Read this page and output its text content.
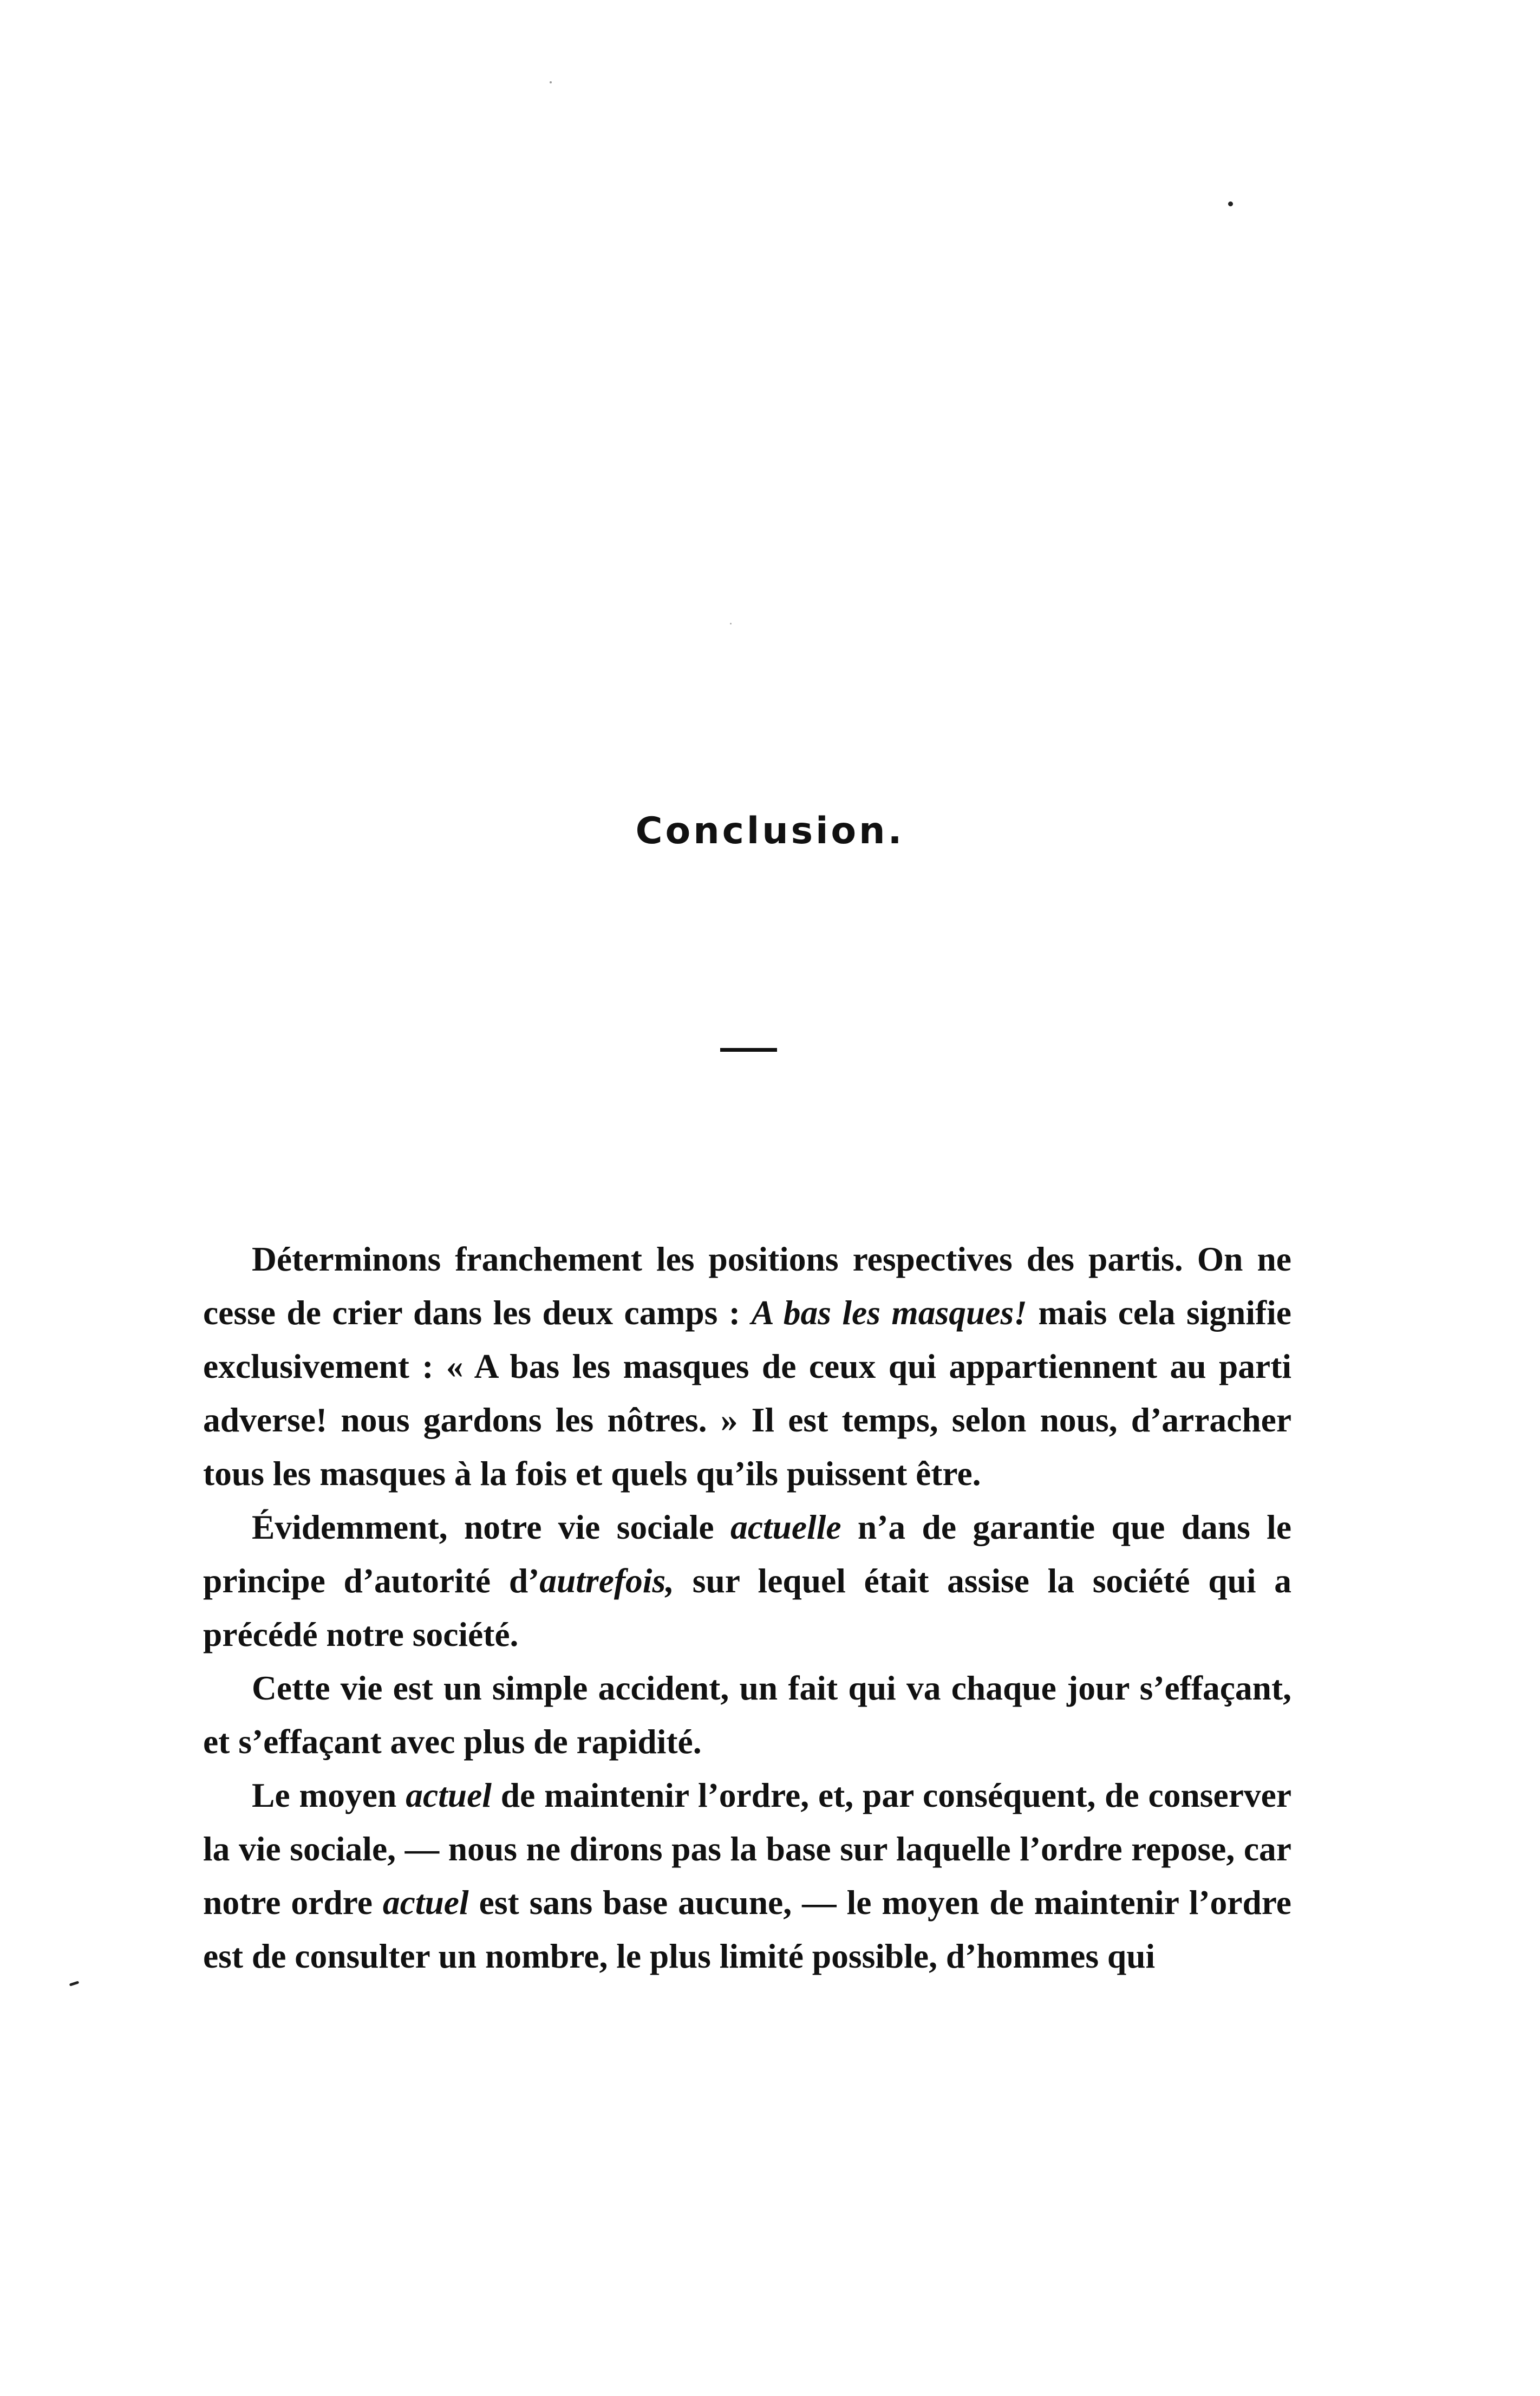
Conclusion.

Déterminons franchement les positions respectives des partis. On ne cesse de crier dans les deux camps : A bas les masques! mais cela signifie exclusivement : « A bas les masques de ceux qui appartiennent au parti adverse! nous gardons les nôtres. » Il est temps, selon nous, d’arracher tous les masques à la fois et quels qu’ils puissent être.

Évidemment, notre vie sociale actuelle n’a de garantie que dans le principe d’autorité d’autrefois, sur lequel était assise la société qui a précédé notre société.

Cette vie est un simple accident, un fait qui va chaque jour s’effaçant, et s’effaçant avec plus de rapidité.

Le moyen actuel de maintenir l’ordre, et, par conséquent, de conserver la vie sociale, — nous ne dirons pas la base sur laquelle l’ordre repose, car notre ordre actuel est sans base aucune, — le moyen de maintenir l’ordre est de consulter un nombre, le plus limité possible, d’hommes qui
